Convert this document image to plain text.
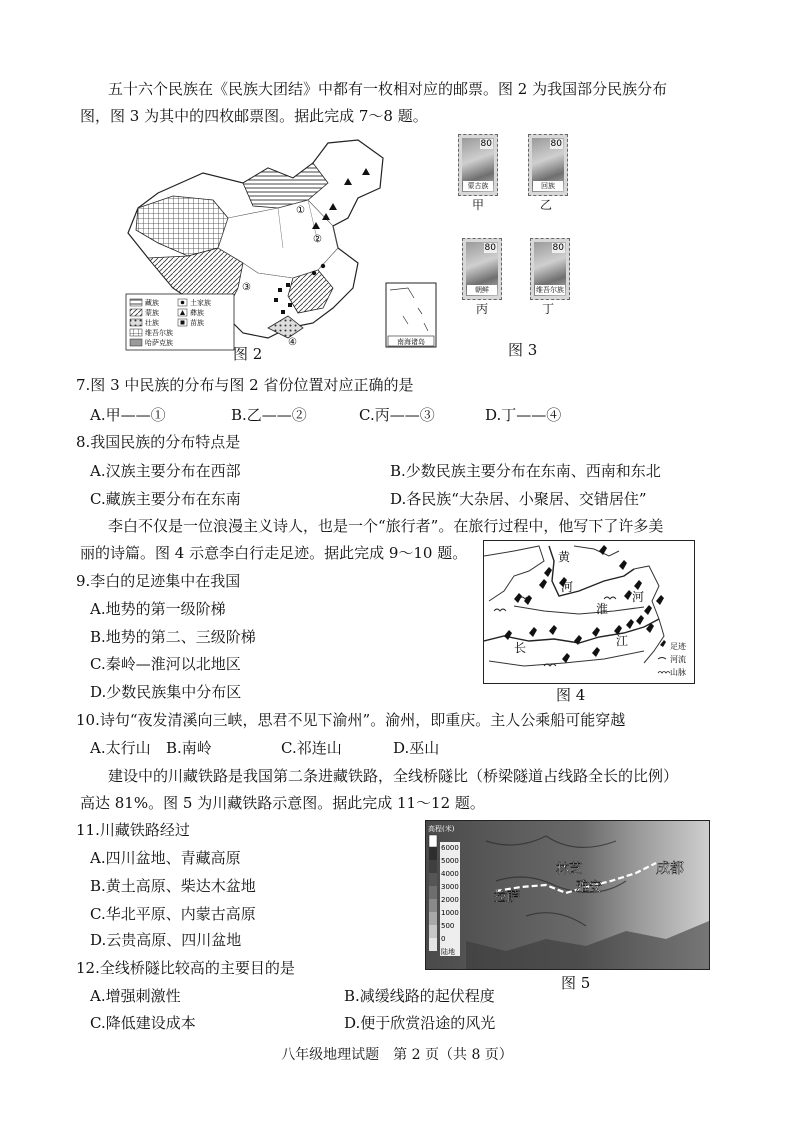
五十六个民族在《民族大团结》中都有一枚相对应的邮票。图 2 为我国部分民族分布

图，图 3 为其中的四枚邮票图。据此完成 7～8 题。

①
②
③
④
藏族	土家族
蒙族	彝族
壮族	苗族
维吾尔族
哈萨克族	南海诸岛
图 2
80
蒙古族
甲
80
回族
乙
80
朝鲜
丙
80
维吾尔族
丁
图 3
7.图 3 中民族的分布与图 2 省份位置对应正确的是
A.甲——①	B.乙——②	C.丙——③	D.丁——④
8.我国民族的分布特点是
A.汉族主要分布在西部	B.少数民族主要分布在东南、西南和东北
C.藏族主要分布在东南	D.各民族“大杂居、小聚居、交错居住”

李白不仅是一位浪漫主义诗人，也是一个“旅行者”。在旅行过程中，他写下了许多美

丽的诗篇。图 4 示意李白行走足迹。据此完成 9～10 题。

9.李白的足迹集中在我国
A.地势的第一级阶梯
B.地势的第二、三级阶梯
C.秦岭—淮河以北地区
D.少数民族集中分布区
黄
河
淮
河
长	江	足迹
河流
山脉
图 4
10.诗句“夜发清溪向三峡，思君不见下渝州”。渝州，即重庆。主人公乘船可能穿越
A.太行山 B.南岭	C.祁连山	D.巫山

建设中的川藏铁路是我国第二条进藏铁路，全线桥隧比（桥梁隧道占线路全长的比例）

高达 81%。图 5 为川藏铁路示意图。据此完成 11～12 题。

11.川藏铁路经过
A.四川盆地、青藏高原
B.黄土高原、柴达木盆地
C.华北平原、内蒙古高原
D.云贵高原、四川盆地
高程(米)
6000
5000
4000
3000
2000
1000
500
0
陆地
拉萨
林芝
雅安
成都
图 5
12.全线桥隧比较高的主要目的是
A.增强刺激性	B.减缓线路的起伏程度
C.降低建设成本	D.便于欣赏沿途的风光
八年级地理试题　第 2 页（共 8 页）
